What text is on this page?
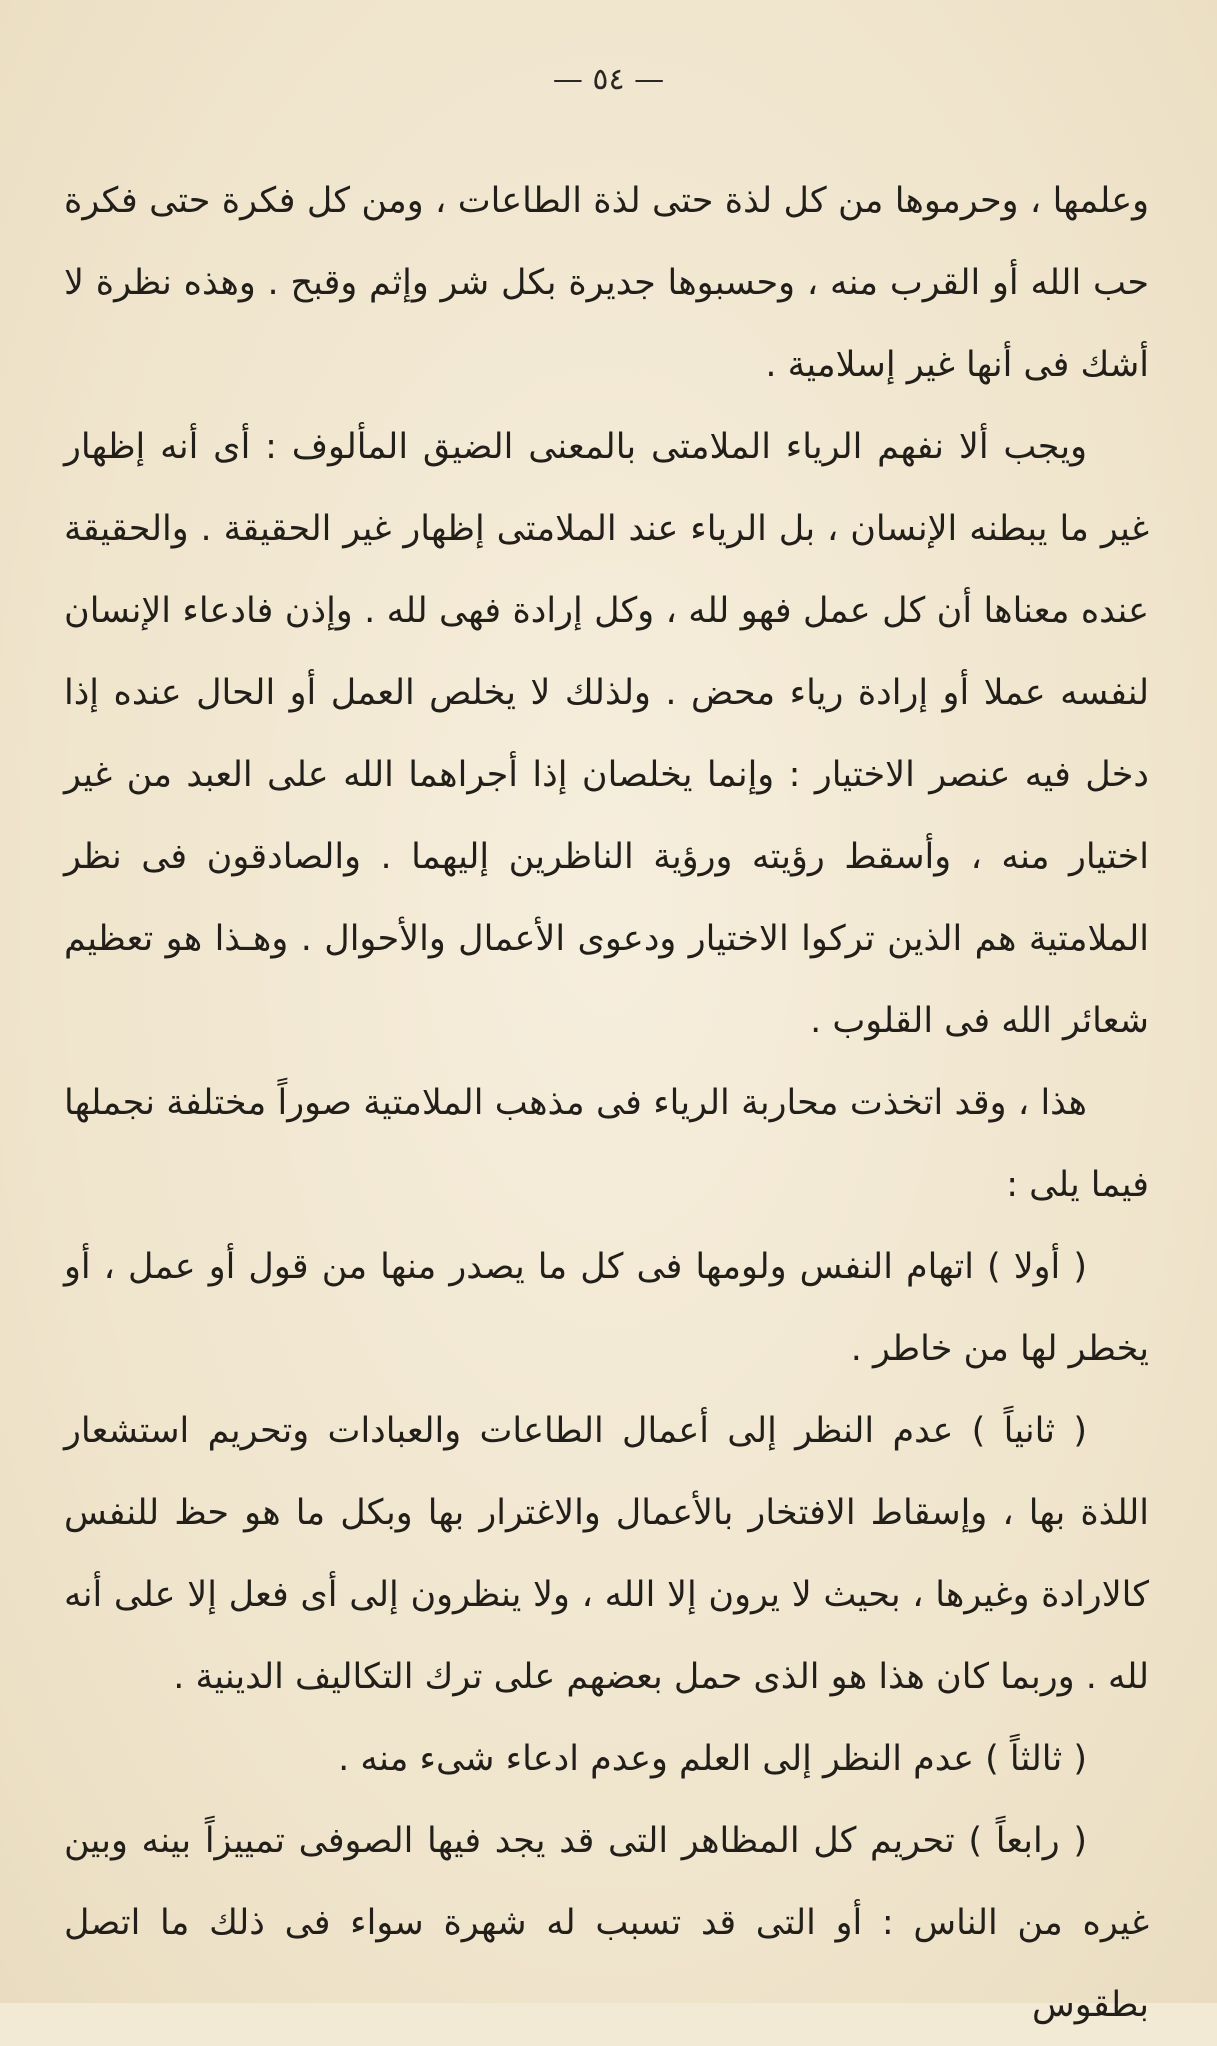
— ٥٤ —

وعلمها ، وحرموها من كل لذة حتى لذة الطاعات ، ومن كل فكرة حتى فكرة حب الله أو القرب منه ، وحسبوها جديرة بكل شر وإثم وقبح . وهذه نظرة لا أشك فى أنها غير إسلامية .

ويجب ألا نفهم الرياء الملامتى بالمعنى الضيق المألوف : أى أنه إظهار غير ما يبطنه الإنسان ، بل الرياء عند الملامتى إظهار غير الحقيقة . والحقيقة عنده معناها أن كل عمل فهو لله ، وكل إرادة فهى لله . وإذن فادعاء الإنسان لنفسه عملا أو إرادة رياء محض . ولذلك لا يخلص العمل أو الحال عنده إذا دخل فيه عنصر الاختيار : وإنما يخلصان إذا أجراهما الله على العبد من غير اختيار منه ، وأسقط رؤيته ورؤية الناظرين إليهما . والصادقون فى نظر الملامتية هم الذين تركوا الاختيار ودعوى الأعمال والأحوال . وهـذا هو تعظيم شعائر الله فى القلوب .

هذا ، وقد اتخذت محاربة الرياء فى مذهب الملامتية صوراً مختلفة نجملها فيما يلى :

( أولا ) اتهام النفس ولومها فى كل ما يصدر منها من قول أو عمل ، أو يخطر لها من خاطر .

( ثانياً ) عدم النظر إلى أعمال الطاعات والعبادات وتحريم استشعار اللذة بها ، وإسقاط الافتخار بالأعمال والاغترار بها وبكل ما هو حظ للنفس كالارادة وغيرها ، بحيث لا يرون إلا الله ، ولا ينظرون إلى أى فعل إلا على أنه لله . وربما كان هذا هو الذى حمل بعضهم على ترك التكاليف الدينية .

( ثالثاً ) عدم النظر إلى العلم وعدم ادعاء شىء منه .

( رابعاً ) تحريم كل المظاهر التى قد يجد فيها الصوفى تمييزاً بينه وبين غيره من الناس : أو التى قد تسبب له شهرة سواء فى ذلك ما اتصل بطقوس
